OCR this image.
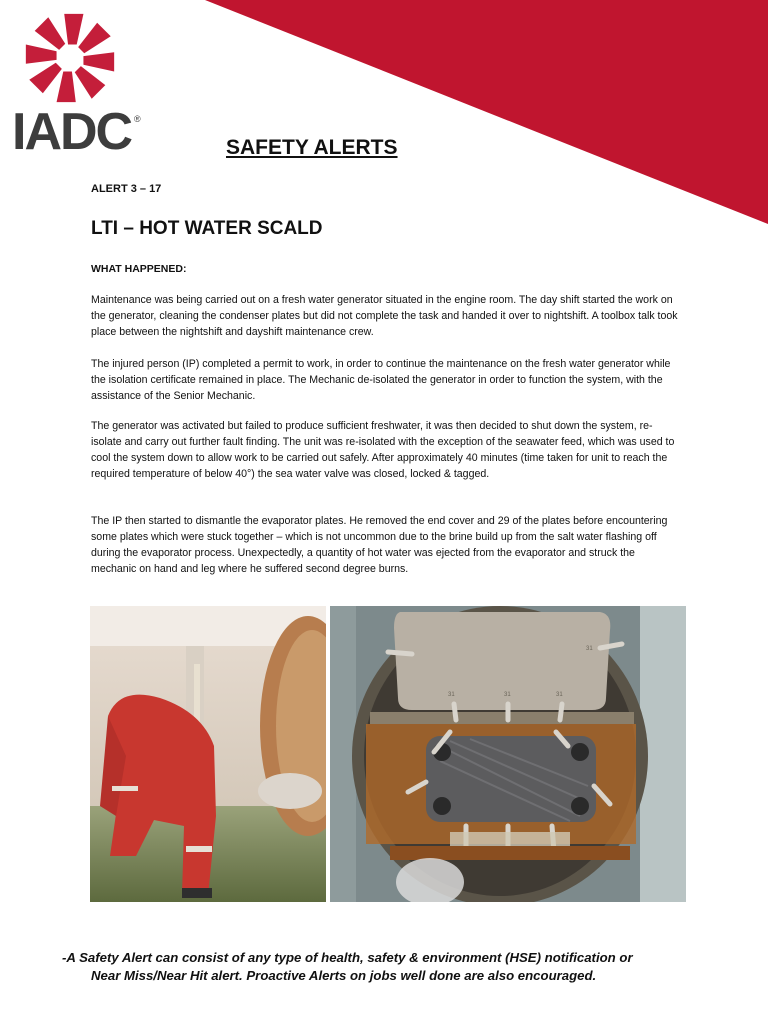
IADC ®
SAFETY ALERTS
ALERT 3 – 17
LTI – HOT WATER SCALD
WHAT HAPPENED:
Maintenance was being carried out on a fresh water generator situated in the engine room. The day shift started the work on the generator, cleaning the condenser plates but did not complete the task and handed it over to nightshift. A toolbox talk took place between the nightshift and dayshift maintenance crew.
The injured person (IP) completed a permit to work, in order to continue the maintenance on the fresh water generator while the isolation certificate remained in place. The Mechanic de-isolated the generator in order to function the system, with the assistance of the Senior Mechanic.
The generator was activated but failed to produce sufficient freshwater, it was then decided to shut down the system, re-isolate and carry out further fault finding. The unit was re-isolated with the exception of the seawater feed, which was used to cool the system down to allow work to be carried out safely. After approximately 40 minutes (time taken for unit to reach the required temperature of below 40°) the sea water valve was closed, locked & tagged.
The IP then started to dismantle the evaporator plates. He removed the end cover and 29 of the plates before encountering some plates which were stuck together – which is not uncommon due to the brine build up from the salt water flashing off during the evaporator process. Unexpectedly, a quantity of hot water was ejected from the evaporator and struck the mechanic on hand and leg where he suffered second degree burns.
31	31	31
31
-A Safety Alert can consist of any type of health, safety & environment (HSE) notification or
Near Miss/Near Hit alert. Proactive Alerts on jobs well done are also encouraged.
